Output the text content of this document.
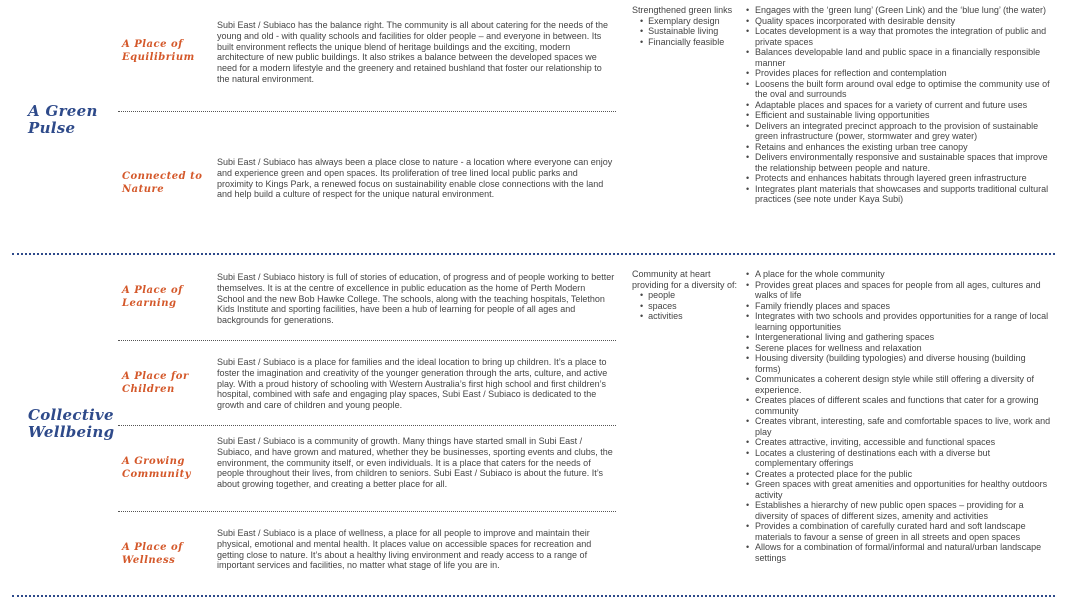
A Green Pulse
A Place of Equilibrium
Subi East / Subiaco has the balance right. The community is all about catering for the needs of the young and old - with quality schools and facilities for older people – and everyone in between. Its built environment reflects the unique blend of heritage buildings and the exciting, modern architecture of new public buildings. It also strikes a balance between the developed spaces we need for a modern lifestyle and the greenery and retained bushland that foster our relationship to the natural environment.
Connected to Nature
Subi East / Subiaco has always been a place close to nature - a location where everyone can enjoy and experience green and open spaces. Its proliferation of tree lined local public parks and proximity to Kings Park, a renewed focus on sustainability enable close connections with the land and help build a culture of respect for the unique natural environment.
Strengthened green links
• Exemplary design
• Sustainable living
• Financially feasible
• Engages with the ‘green lung’ (Green Link) and the ‘blue lung’ (the water)
• Quality spaces incorporated with desirable density
• Locates development is a way that promotes the integration of public and private spaces
• Balances developable land and public space in a financially responsible manner
• Provides places for reflection and contemplation
• Loosens the built form around oval edge to optimise the community use of the oval and surrounds
• Adaptable places and spaces for a variety of current and future uses
• Efficient and sustainable living opportunities
• Delivers an integrated precinct approach to the provision of sustainable green infrastructure (power, stormwater and grey water)
• Retains and enhances the existing urban tree canopy
• Delivers environmentally responsive and sustainable spaces that improve the relationship between people and nature.
• Protects and enhances habitats through layered green infrastructure
• Integrates plant materials that showcases and supports traditional cultural practices (see note under Kaya Subi)
Collective Wellbeing
A Place of Learning
Subi East / Subiaco history is full of stories of education, of progress and of people working to better themselves. It is at the centre of excellence in public education as the home of Perth Modern School and the new Bob Hawke College. The schools, along with the teaching hospitals, Telethon Kids Institute and sporting facilities, have been a hub of learning for people of all ages and backgrounds for generations.
A Place for Children
Subi East / Subiaco is a place for families and the ideal location to bring up children. It’s a place to foster the imagination and creativity of the younger generation through the arts, culture, and active play. With a proud history of schooling with Western Australia’s first high school and first children’s hospital, combined with safe and engaging play spaces, Subi East / Subiaco is dedicated to the growth and care of children and young people.
A Growing Community
Subi East / Subiaco is a community of growth. Many things have started small in Subi East / Subiaco, and have grown and matured, whether they be businesses, sporting events and clubs, the environment, the community itself, or even individuals. It is a place that caters for the needs of people throughout their lives, from children to seniors. Subi East / Subiaco is about the future. It’s about growing together, and creating a better place for all.
A Place of Wellness
Subi East / Subiaco is a place of wellness, a place for all people to improve and maintain their physical, emotional and mental health. It places value on accessible spaces for recreation and getting close to nature. It’s about a healthy living environment and ready access to a range of important services and facilities, no matter what stage of life you are in.
Community at heart providing for a diversity of:
• people
• spaces
• activities
• A place for the whole community
• Provides great places and spaces for people from all ages, cultures and walks of life
• Family friendly places and spaces
• Integrates with two schools and provides opportunities for a range of local learning opportunities
• Intergenerational living and gathering spaces
• Serene places for wellness and relaxation
• Housing diversity (building typologies) and diverse housing (building forms)
• Communicates a coherent design style while still offering a diversity of experience.
• Creates places of different scales and functions that cater for a growing community
• Creates vibrant, interesting, safe and comfortable spaces to live, work and play
• Creates attractive, inviting, accessible and functional spaces
• Locates a clustering of destinations each with a diverse but complementary offerings
• Creates a protected place for the public
• Green spaces with great amenities and opportunities for healthy outdoors activity
• Establishes a hierarchy of new public open spaces – providing for a diversity of spaces of different sizes, amenity and activities
• Provides a combination of carefully curated hard and soft landscape materials to favour a sense of green in all streets and open spaces
• Allows for a combination of formal/informal and natural/urban landscape settings
